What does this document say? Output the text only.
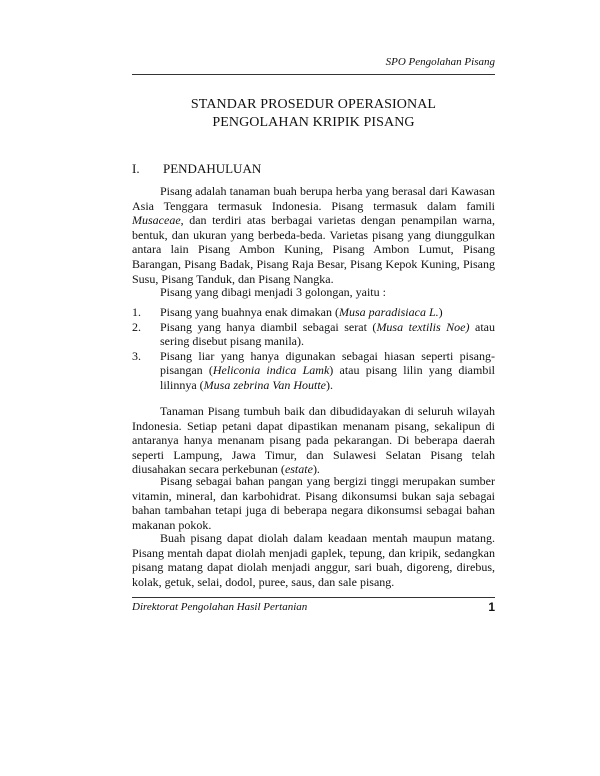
SPO Pengolahan Pisang
STANDAR PROSEDUR OPERASIONAL
PENGOLAHAN KRIPIK PISANG
I. PENDAHULUAN

Pisang adalah tanaman buah berupa herba yang berasal dari Kawasan Asia Tenggara termasuk Indonesia. Pisang termasuk dalam famili Musaceae, dan terdiri atas berbagai varietas dengan penampilan warna, bentuk, dan ukuran yang berbeda-beda. Varietas pisang yang diunggulkan antara lain Pisang Ambon Kuning, Pisang Ambon Lumut, Pisang Barangan, Pisang Badak, Pisang Raja Besar, Pisang Kepok Kuning, Pisang Susu, Pisang Tanduk, dan Pisang Nangka.

Pisang yang dibagi menjadi 3 golongan, yaitu :

1. Pisang yang buahnya enak dimakan (Musa paradisiaca L.)
2. Pisang yang hanya diambil sebagai serat (Musa textilis Noe) atau sering disebut pisang manila).
3. Pisang liar yang hanya digunakan sebagai hiasan seperti pisang-pisangan (Heliconia indica Lamk) atau pisang lilin yang diambil lilinnya (Musa zebrina Van Houtte).

Tanaman Pisang tumbuh baik dan dibudidayakan di seluruh wilayah Indonesia. Setiap petani dapat dipastikan menanam pisang, sekalipun di antaranya hanya menanam pisang pada pekarangan. Di beberapa daerah seperti Lampung, Jawa Timur, dan Sulawesi Selatan Pisang telah diusahakan secara perkebunan (estate).

Pisang sebagai bahan pangan yang bergizi tinggi merupakan sumber vitamin, mineral, dan karbohidrat. Pisang dikonsumsi bukan saja sebagai bahan tambahan tetapi juga di beberapa negara dikonsumsi sebagai bahan makanan pokok.

Buah pisang dapat diolah dalam keadaan mentah maupun matang. Pisang mentah dapat diolah menjadi gaplek, tepung, dan kripik, sedangkan pisang matang dapat diolah menjadi anggur, sari buah, digoreng, direbus, kolak, getuk, selai, dodol, puree, saus, dan sale pisang.

Direktorat Pengolahan Hasil Pertanian	1
